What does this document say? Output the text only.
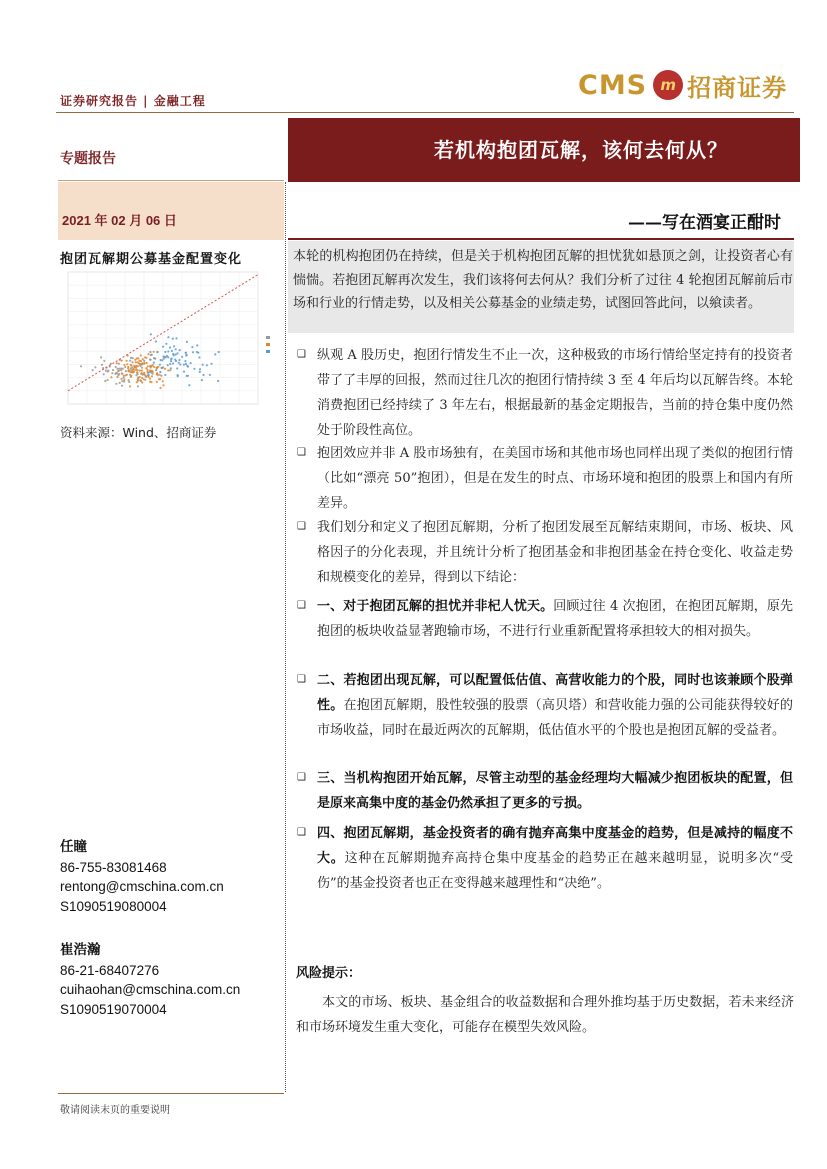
证券研究报告 | 金融工程
CMS m 招商证券
专题报告
2021 年 02 月 06 日
抱团瓦解期公募基金配置变化
资料来源：Wind、招商证券
任瞳
86-755-83081468
rentong@cmschina.com.cn
S1090519080004
崔浩瀚
86-21-68407276
cuihaohan@cmschina.com.cn
S1090519070004
敬请阅读末页的重要说明
若机构抱团瓦解，该何去何从？
——写在酒宴正酣时
本轮的机构抱团仍在持续，但是关于机构抱团瓦解的担忧犹如悬顶之剑，让投资者心有惴惴。若抱团瓦解再次发生，我们该将何去何从？我们分析了过往 4 轮抱团瓦解前后市场和行业的行情走势，以及相关公募基金的业绩走势，试图回答此问，以飨读者。
❑ 纵观 A 股历史，抱团行情发生不止一次，这种极致的市场行情给坚定持有的投资者带了了丰厚的回报，然而过往几次的抱团行情持续 3 至 4 年后均以瓦解告终。本轮消费抱团已经持续了 3 年左右，根据最新的基金定期报告，当前的持仓集中度仍然处于阶段性高位。
❑ 抱团效应并非 A 股市场独有，在美国市场和其他市场也同样出现了类似的抱团行情（比如“漂亮 50”抱团），但是在发生的时点、市场环境和抱团的股票上和国内有所差异。
❑ 我们划分和定义了抱团瓦解期，分析了抱团发展至瓦解结束期间，市场、板块、风格因子的分化表现，并且统计分析了抱团基金和非抱团基金在持仓变化、收益走势和规模变化的差异，得到以下结论：
❑ 一、对于抱团瓦解的担忧并非杞人忧天。回顾过往 4 次抱团，在抱团瓦解期，原先抱团的板块收益显著跑输市场，不进行行业重新配置将承担较大的相对损失。
❑ 二、若抱团出现瓦解，可以配置低估值、高营收能力的个股，同时也该兼顾个股弹性。在抱团瓦解期，股性较强的股票（高贝塔）和营收能力强的公司能获得较好的市场收益，同时在最近两次的瓦解期，低估值水平的个股也是抱团瓦解的受益者。
❑ 三、当机构抱团开始瓦解，尽管主动型的基金经理均大幅减少抱团板块的配置，但是原来高集中度的基金仍然承担了更多的亏损。
❑ 四、抱团瓦解期，基金投资者的确有抛弃高集中度基金的趋势，但是减持的幅度不大。这种在瓦解期抛弃高持仓集中度基金的趋势正在越来越明显，说明多次“受伤”的基金投资者也正在变得越来越理性和“决绝”。
风险提示：
本文的市场、板块、基金组合的收益数据和合理外推均基于历史数据，若未来经济和市场环境发生重大变化，可能存在模型失效风险。
